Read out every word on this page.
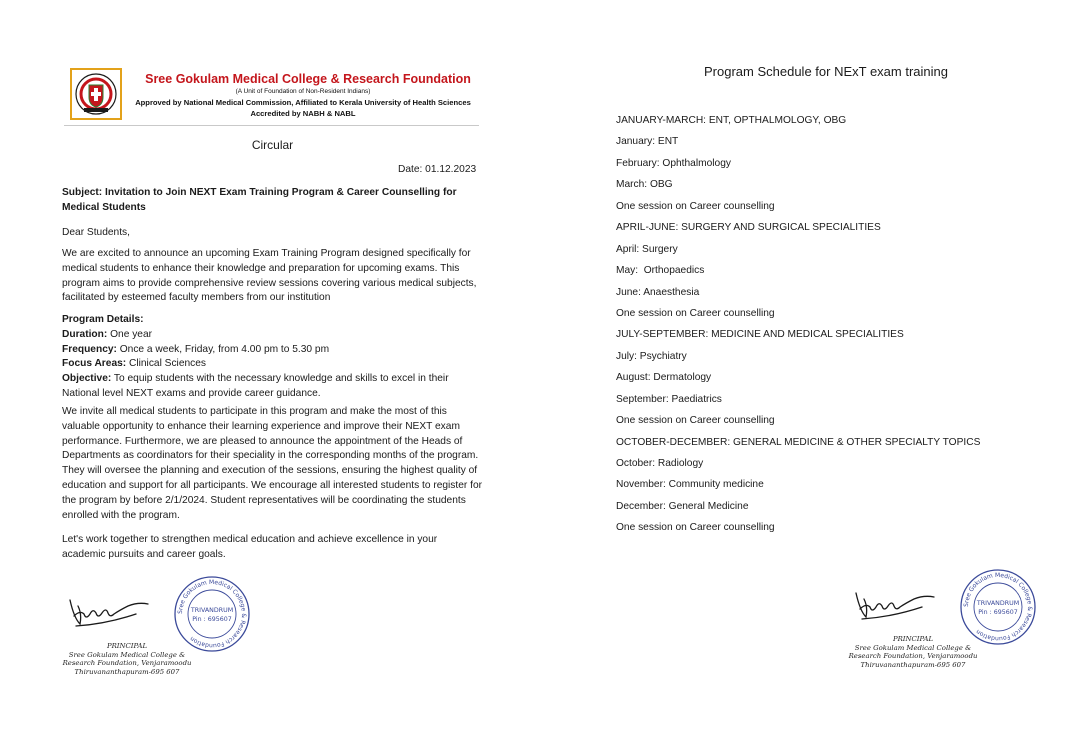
Sree Gokulam Medical College & Research Foundation
(A Unit of Foundation of Non-Resident Indians)
Approved by National Medical Commission, Affiliated to Kerala University of Health Sciences
Accredited by NABH & NABL
Circular
Date: 01.12.2023
Subject: Invitation to Join NEXT Exam Training Program & Career Counselling for Medical Students
Dear Students,
We are excited to announce an upcoming Exam Training Program designed specifically for medical students to enhance their knowledge and preparation for upcoming exams. This program aims to provide comprehensive review sessions covering various medical subjects, facilitated by esteemed faculty members from our institution
Program Details:
Duration: One year
Frequency: Once a week, Friday, from 4.00 pm to 5.30 pm
Focus Areas: Clinical Sciences
Objective: To equip students with the necessary knowledge and skills to excel in their National level NEXT exams and provide career guidance.
We invite all medical students to participate in this program and make the most of this valuable opportunity to enhance their learning experience and improve their NEXT exam performance. Furthermore, we are pleased to announce the appointment of the Heads of Departments as coordinators for their speciality in the corresponding months of the program. They will oversee the planning and execution of the sessions, ensuring the highest quality of education and support for all participants. We encourage all interested students to register for the program by before 2/1/2024. Student representatives will be coordinating the students enrolled with the program.
Let's work together to strengthen medical education and achieve excellence in your academic pursuits and career goals.
Sree Gokulam Medical College & Research Foundation
TRIVANDRUM
Pin : 695607
PRINCIPAL
Sree Gokulam Medical College &
Research Foundation, Venjaramoodu
Thiruvananthapuram-695 607
Program Schedule for NExT exam training
JANUARY-MARCH: ENT, OPTHALMOLOGY, OBG
January: ENT
February: Ophthalmology
March: OBG
One session on Career counselling
APRIL-JUNE: SURGERY AND SURGICAL SPECIALITIES
April: Surgery
May:  Orthopaedics
June: Anaesthesia
One session on Career counselling
JULY-SEPTEMBER: MEDICINE AND MEDICAL SPECIALITIES
July: Psychiatry
August: Dermatology
September: Paediatrics
One session on Career counselling
OCTOBER-DECEMBER: GENERAL MEDICINE & OTHER SPECIALTY TOPICS
October: Radiology
November: Community medicine
December: General Medicine
One session on Career counselling
Sree Gokulam Medical College & Research Foundation
TRIVANDRUM
Pin : 695607
PRINCIPAL
Sree Gokulam Medical College &
Research Foundation, Venjaramoodu
Thiruvananthapuram-695 607
